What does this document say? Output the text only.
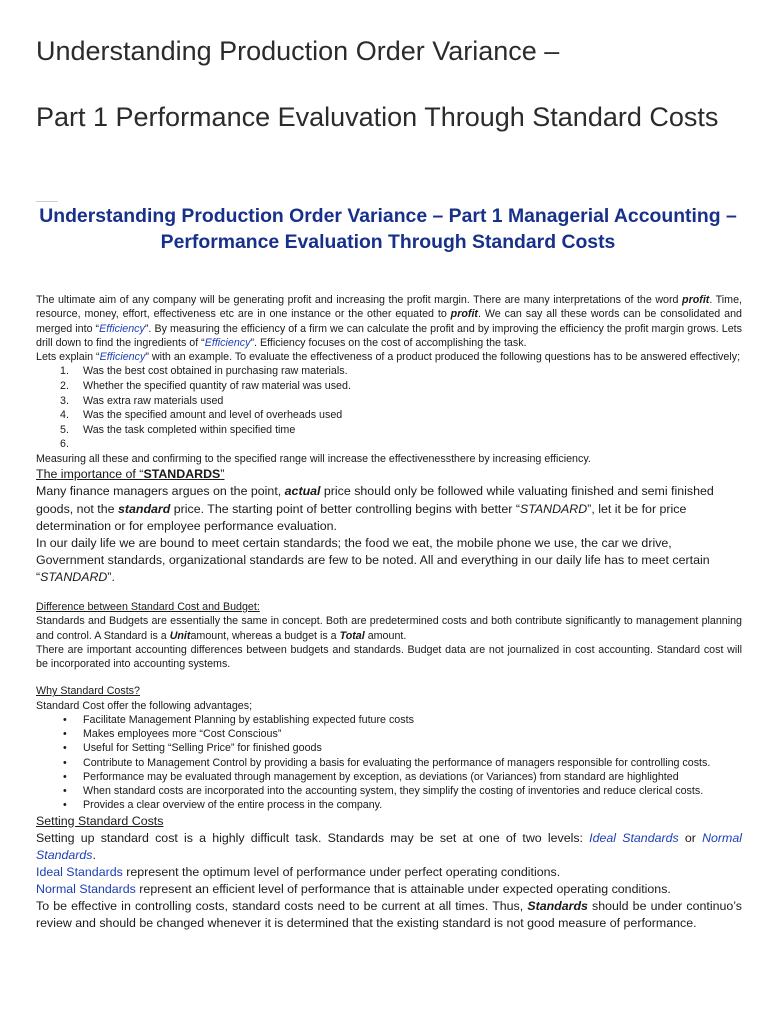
Understanding Production Order Variance –
Part 1 Performance Evaluvation Through Standard Costs
Understanding Production Order Variance – Part 1 Managerial Accounting – Performance Evaluation Through Standard Costs

The ultimate aim of any company will be generating profit and increasing the profit margin. There are many interpretations of the word profit. Time, resource, money, effort, effectiveness etc are in one instance or the other equated to profit. We can say all these words can be consolidated and merged into “Efficiency”. By measuring the efficiency of a firm we can calculate the profit and by improving the efficiency the profit margin grows. Lets drill down to find the ingredients of “Efficiency”. Efficiency focuses on the cost of accomplishing the task.

Lets explain “Efficiency” with an example. To evaluate the effectiveness of a product produced the following questions has to be answered effectively;

1. Was the best cost obtained in purchasing raw materials.
2. Whether the specified quantity of raw material was used.
3. Was extra raw materials used
4. Was the specified amount and level of overheads used
5. Was the task completed within specified time
6.

Measuring all these and confirming to the specified range will increase the effectivenessthere by increasing efficiency.

The importance of “STANDARDS”

Many finance managers argues on the point, actual price should only be followed while valuating finished and semi finished goods, not the standard price. The starting point of better controlling begins with better “STANDARD”, let it be for price determination or for employee performance evaluation.

In our daily life we are bound to meet certain standards; the food we eat, the mobile phone we use, the car we drive, Government standards, organizational standards are few to be noted. All and everything in our daily life has to meet certain “STANDARD”.

Difference between Standard Cost and Budget:

Standards and Budgets are essentially the same in concept. Both are predetermined costs and both contribute significantly to management planning and control. A Standard is a Unitamount, whereas a budget is a Total amount.

There are important accounting differences between budgets and standards. Budget data are not journalized in cost accounting. Standard cost will be incorporated into accounting systems.

Why Standard Costs?

Standard Cost offer the following advantages;

• Facilitate Management Planning by establishing expected future costs
• Makes employees more “Cost Conscious”
• Useful for Setting “Selling Price” for finished goods
• Contribute to Management Control by providing a basis for evaluating the performance of managers responsible for controlling costs.
• Performance may be evaluated through management by exception, as deviations (or Variances) from standard are highlighted
• When standard costs are incorporated into the accounting system, they simplify the costing of inventories and reduce clerical costs.
• Provides a clear overview of the entire process in the company.

Setting Standard Costs

Setting up standard cost is a highly difficult task. Standards may be set at one of two levels: Ideal Standards or Normal Standards.

Ideal Standards represent the optimum level of performance under perfect operating conditions.

Normal Standards represent an efficient level of performance that is attainable under expected operating conditions.

To be effective in controlling costs, standard costs need to be current at all times. Thus, Standards should be under continuo’s review and should be changed whenever it is determined that the existing standard is not good measure of performance.
